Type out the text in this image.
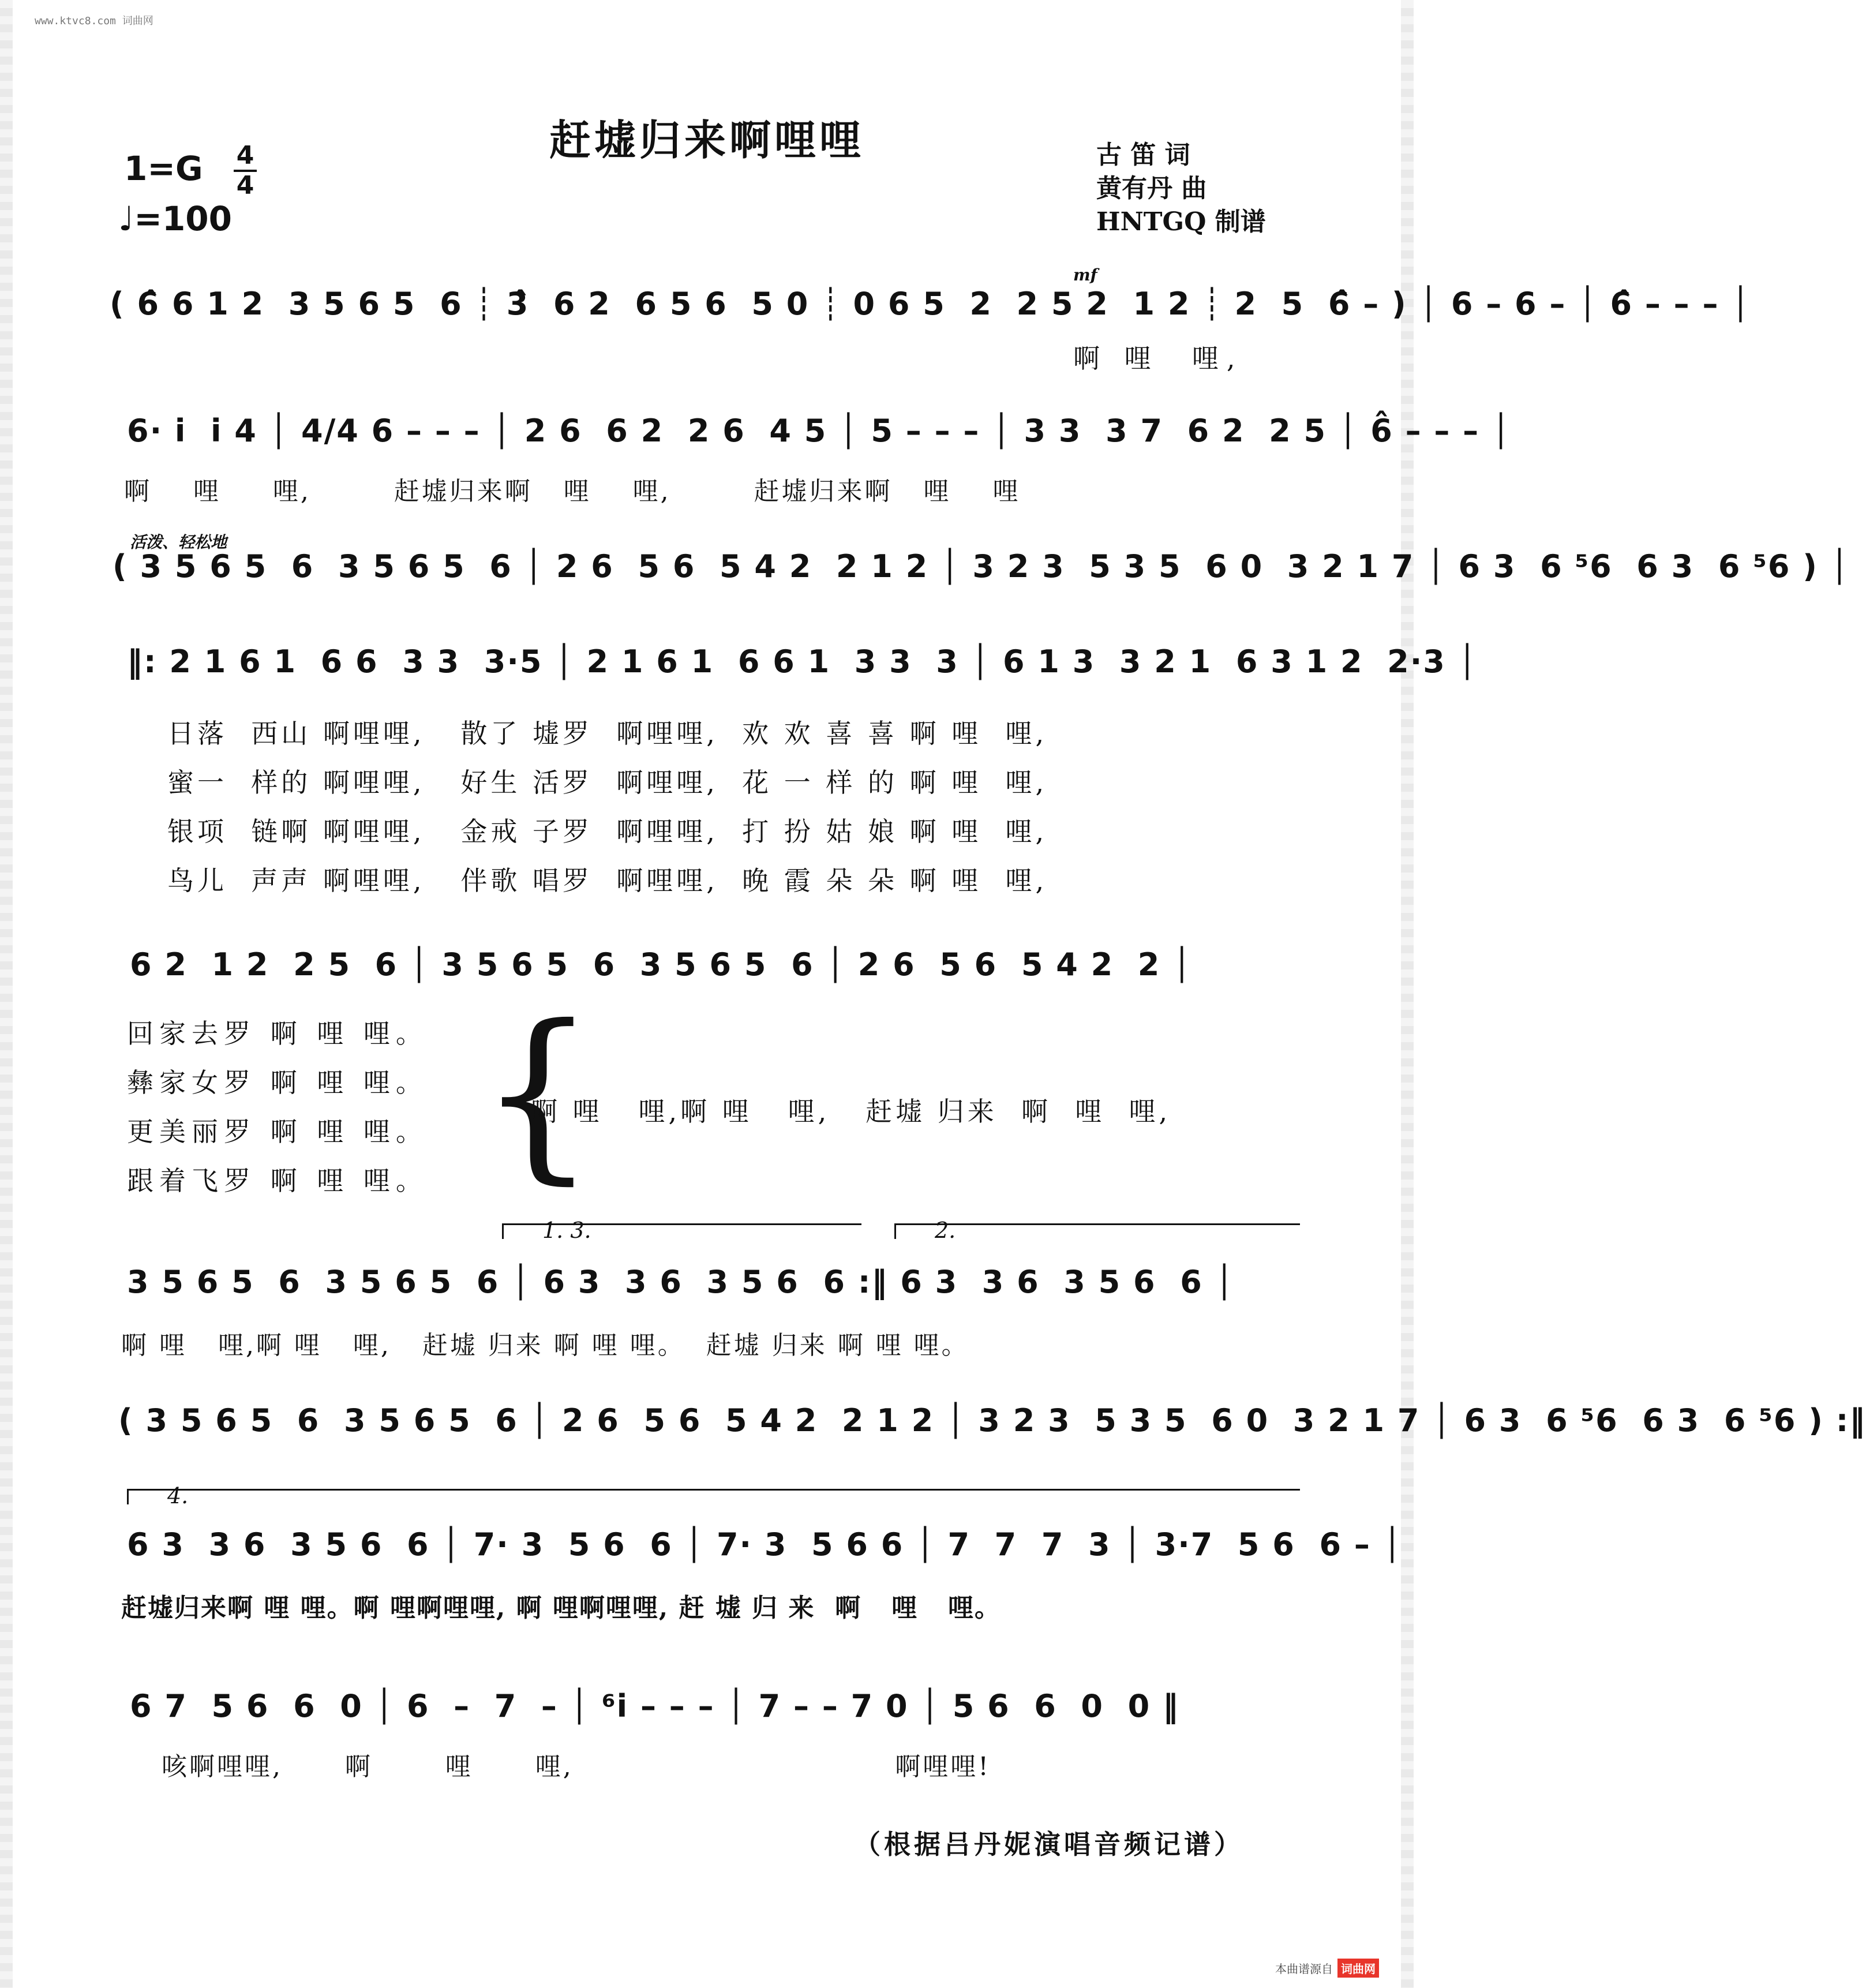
www.ktvc8.com 词曲网
赶墟归来啊哩哩	古 笛 词
黄有丹 曲
HNTGQ 制谱
1=G 4
4
♩=100
mf
( 6̂ 6 1 2  3 5 6 5  6 ┊ 3̂  6 2  6 5 6  5 0 ┊ 0 6 5  2  2 5 2  1 2 ┊ 2  5  6̂ – ) │ 6 – 6 – │ 6̂ – – – │
啊 哩  哩,
6· i  i 4 │ 4/4 6 – – – │ 2 6  6 2  2 6  4 5 │ 5 – – – │ 3 3  3 7  6 2  2 5 │ 6̂ – – – │
啊    哩     哩,        赶墟归来啊   哩    哩,        赶墟归来啊   哩    哩
活泼、轻松地
( 3 5 6 5  6  3 5 6 5  6 │ 2 6  5 6  5 4 2  2 1 2 │ 3 2 3  5 3 5  6 0  3 2 1 7 │ 6 3  6 ⁵6  6 3  6 ⁵6 ) │
‖: 2 1 6 1  6 6  3 3  3·5 │ 2 1 6 1  6 6 1  3 3  3 │ 6 1 3  3 2 1  6 3 1 2  2·3 │
日落  西山 啊哩哩,   散了 墟罗  啊哩哩,  欢 欢 喜 喜 啊 哩  哩,
蜜一  样的 啊哩哩,   好生 活罗  啊哩哩,  花 一 样 的 啊 哩  哩,
银项  链啊 啊哩哩,   金戒 子罗  啊哩哩,  打 扮 姑 娘 啊 哩  哩,
鸟儿  声声 啊哩哩,   伴歌 唱罗  啊哩哩,  晚 霞 朵 朵 啊 哩  哩,
6 2  1 2  2 5  6 │ 3 5 6 5  6  3 5 6 5  6 │ 2 6  5 6  5 4 2  2 │
回家去罗 啊 哩 哩。
彝家女罗 啊 哩 哩。
更美丽罗 啊 哩 哩。
跟着飞罗 啊 哩 哩。 {
啊 哩   哩,啊 哩   哩,   赶墟 归来  啊  哩  哩,
1. 3.	2.
3 5 6 5  6  3 5 6 5  6 │ 6 3  3 6  3 5 6  6 :‖ 6 3  3 6  3 5 6  6 │
啊 哩   哩,啊 哩   哩,   赶墟 归来 啊 哩 哩。  赶墟 归来 啊 哩 哩。
( 3 5 6 5  6  3 5 6 5  6 │ 2 6  5 6  5 4 2  2 1 2 │ 3 2 3  5 3 5  6 0  3 2 1 7 │ 6 3  6 ⁵6  6 3  6 ⁵6 ) :‖
4.
6 3  3 6  3 5 6  6 │ 7· 3  5 6  6 │ 7· 3  5 6 6 │ 7  7  7  3 │ 3·7  5 6  6 – │
赶墟归来啊 哩 哩。啊 哩啊哩哩, 啊 哩啊哩哩, 赶 墟 归 来  啊   哩   哩。
6 7  5 6  6  0 │ 6  –  7  – │ ⁶i – – – │ 7 – – 7 0 │ 5 6  6  0  0 ‖
咳啊哩哩,      啊       哩      哩,                               啊哩哩!
（根据吕丹妮演唱音频记谱）
本曲谱源自 词曲网
